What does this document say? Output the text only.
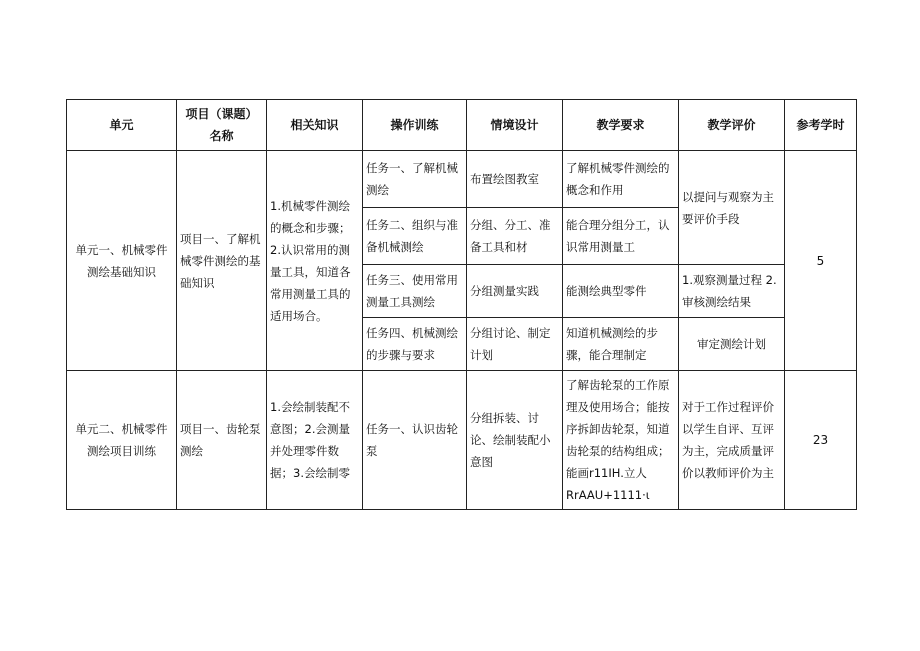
单元	项目（课题）名称	相关知识	操作训练	情境设计	教学要求	教学评价	参考学时
单元一、机械零件测绘基础知识	项目一、了解机械零件测绘的基础知识	1.机械零件测绘的概念和步骤；2.认识常用的测量工具，知道各常用测量工具的适用场合。	任务一、了解机械测绘	布置绘图教室	了解机械零件测绘的概念和作用	以提问与观察为主要评价手段	5
			任务二、组织与准备机械测绘	分组、分工、准备工具和材	能合理分组分工，认识常用测量工		
			任务三、使用常用测量工具测绘	分组测量实践	能测绘典型零件	1.观察测量过程 2.审核测绘结果	
			任务四、机械测绘的步骤与要求	分组讨论、制定计划	知道机械测绘的步骤，能合理制定	审定测绘计划	
单元二、机械零件测绘项目训练	项目一、齿轮泵测绘	1.会绘制装配不意图；2.会测量并处理零件数据；3.会绘制零	任务一、认识齿轮泵	分组拆装、讨论、绘制装配小意图	了解齿轮泵的工作原理及使用场合；能按序拆卸齿轮泵，知道齿轮泵的结构组成；能画r11IH.立人RrAAU+1111·ι	对于工作过程评价以学生自评、互评为主，完成质量评价以教师评价为主	23
